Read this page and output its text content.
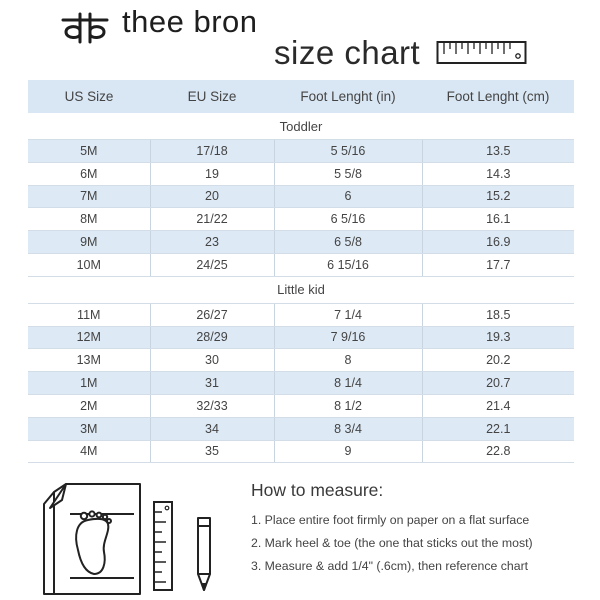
thee bron
size chart
US Size	EU Size	Foot Lenght (in)	Foot Lenght (cm)
Toddler			
5M	17/18	5 5/16	13.5
6M	19	5 5/8	14.3
7M	20	6	15.2
8M	21/22	6 5/16	16.1
9M	23	6 5/8	16.9
10M	24/25	6 15/16	17.7
Little kid			
11M	26/27	7 1/4	18.5
12M	28/29	7 9/16	19.3
13M	30	8	20.2
1M	31	8 1/4	20.7
2M	32/33	8 1/2	21.4
3M	34	8 3/4	22.1
4M	35	9	22.8
How to measure:
1. Place entire foot firmly on paper on a flat surface
2. Mark heel & toe (the one that sticks out the most)
3. Measure & add 1/4" (.6cm), then reference chart
